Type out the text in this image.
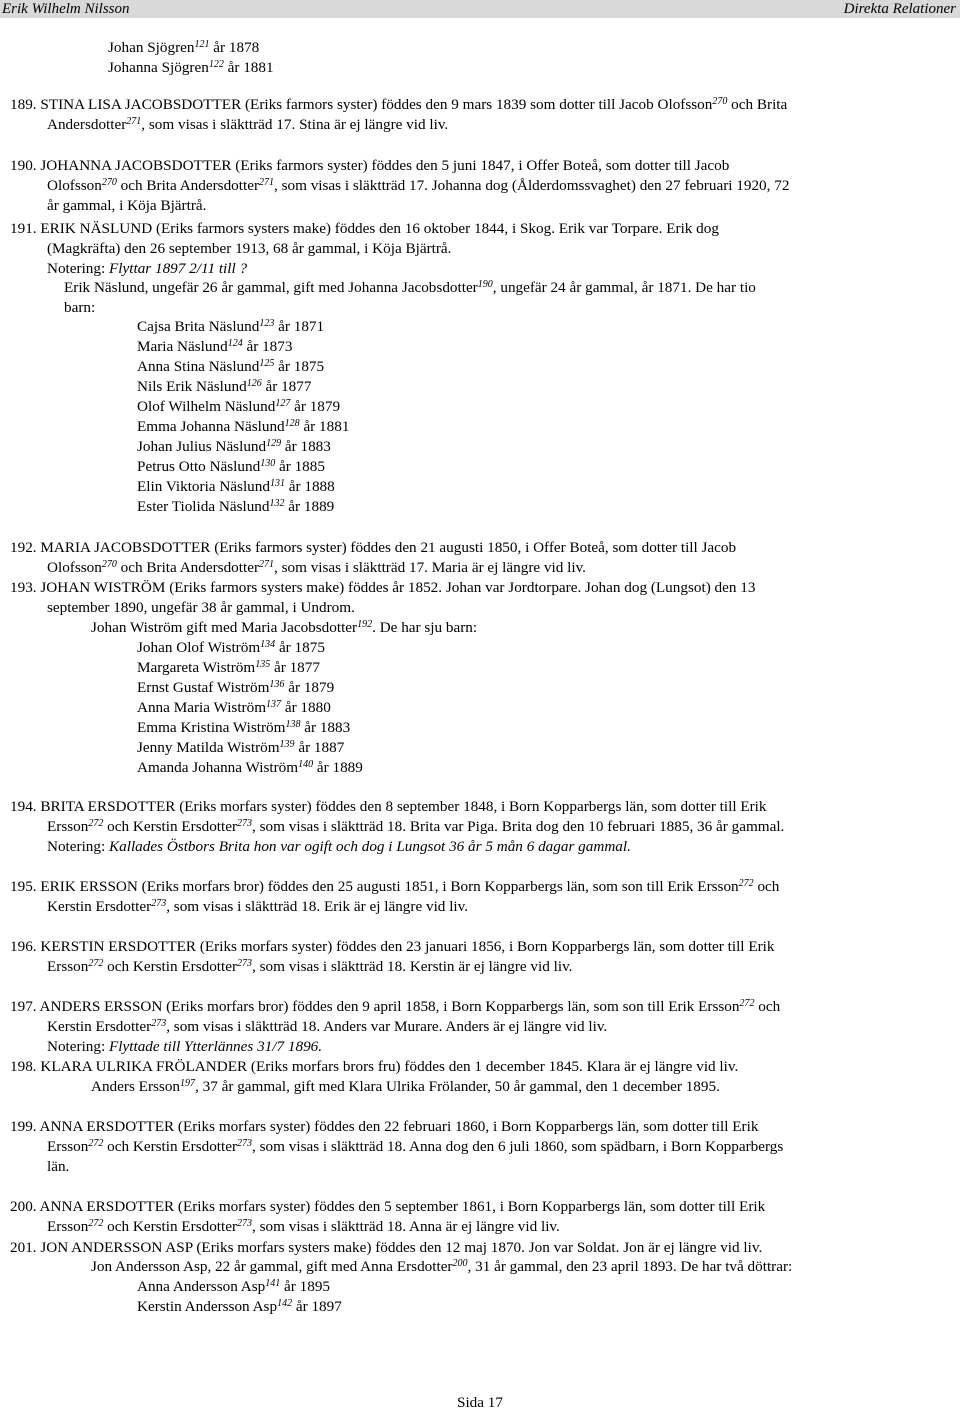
Erik Wilhelm Nilsson	Direkta Relationer
Johan Sjögren$^{121}$ år 1878
Johanna Sjögren$^{122}$ år 1881
189. STINA LISA JACOBSDOTTER (Eriks farmors syster) föddes den 9 mars 1839 som dotter till Jacob Olofsson$^{270}$ och Brita
Andersdotter$^{271}$, som visas i släktträd 17. Stina är ej längre vid liv.
190. JOHANNA JACOBSDOTTER (Eriks farmors syster) föddes den 5 juni 1847, i Offer Boteå, som dotter till Jacob
Olofsson$^{270}$ och Brita Andersdotter$^{271}$, som visas i släktträd 17. Johanna dog (Ålderdomssvaghet) den 27 februari 1920, 72
år gammal, i Köja Bjärtrå.
191. ERIK NÄSLUND (Eriks farmors systers make) föddes den 16 oktober 1844, i Skog. Erik var Torpare. Erik dog
(Magkräfta) den 26 september 1913, 68 år gammal, i Köja Bjärtrå.
Notering: Flyttar 1897 2/11 till ?
Erik Näslund, ungefär 26 år gammal, gift med Johanna Jacobsdotter$^{190}$, ungefär 24 år gammal, år 1871. De har tio
barn:
Cajsa Brita Näslund$^{123}$ år 1871
Maria Näslund$^{124}$ år 1873
Anna Stina Näslund$^{125}$ år 1875
Nils Erik Näslund$^{126}$ år 1877
Olof Wilhelm Näslund$^{127}$ år 1879
Emma Johanna Näslund$^{128}$ år 1881
Johan Julius Näslund$^{129}$ år 1883
Petrus Otto Näslund$^{130}$ år 1885
Elin Viktoria Näslund$^{131}$ år 1888
Ester Tiolida Näslund$^{132}$ år 1889
192. MARIA JACOBSDOTTER (Eriks farmors syster) föddes den 21 augusti 1850, i Offer Boteå, som dotter till Jacob
Olofsson$^{270}$ och Brita Andersdotter$^{271}$, som visas i släktträd 17. Maria är ej längre vid liv.
193. JOHAN WISTRÖM (Eriks farmors systers make) föddes år 1852. Johan var Jordtorpare. Johan dog (Lungsot) den 13
september 1890, ungefär 38 år gammal, i Undrom.
Johan Wiström gift med Maria Jacobsdotter$^{192}$. De har sju barn:
Johan Olof Wiström$^{134}$ år 1875
Margareta Wiström$^{135}$ år 1877
Ernst Gustaf Wiström$^{136}$ år 1879
Anna Maria Wiström$^{137}$ år 1880
Emma Kristina Wiström$^{138}$ år 1883
Jenny Matilda Wiström$^{139}$ år 1887
Amanda Johanna Wiström$^{140}$ år 1889
194. BRITA ERSDOTTER (Eriks morfars syster) föddes den 8 september 1848, i Born Kopparbergs län, som dotter till Erik
Ersson$^{272}$ och Kerstin Ersdotter$^{273}$, som visas i släktträd 18. Brita var Piga. Brita dog den 10 februari 1885, 36 år gammal.
Notering: Kallades Östbors Brita hon var ogift och dog i Lungsot 36 år 5 mån 6 dagar gammal.
195. ERIK ERSSON (Eriks morfars bror) föddes den 25 augusti 1851, i Born Kopparbergs län, som son till Erik Ersson$^{272}$ och
Kerstin Ersdotter$^{273}$, som visas i släktträd 18. Erik är ej längre vid liv.
196. KERSTIN ERSDOTTER (Eriks morfars syster) föddes den 23 januari 1856, i Born Kopparbergs län, som dotter till Erik
Ersson$^{272}$ och Kerstin Ersdotter$^{273}$, som visas i släktträd 18. Kerstin är ej längre vid liv.
197. ANDERS ERSSON (Eriks morfars bror) föddes den 9 april 1858, i Born Kopparbergs län, som son till Erik Ersson$^{272}$ och
Kerstin Ersdotter$^{273}$, som visas i släktträd 18. Anders var Murare. Anders är ej längre vid liv.
Notering: Flyttade till Ytterlännes 31/7 1896.
198. KLARA ULRIKA FRÖLANDER (Eriks morfars brors fru) föddes den 1 december 1845. Klara är ej längre vid liv.
Anders Ersson$^{197}$, 37 år gammal, gift med Klara Ulrika Frölander, 50 år gammal, den 1 december 1895.
199. ANNA ERSDOTTER (Eriks morfars syster) föddes den 22 februari 1860, i Born Kopparbergs län, som dotter till Erik
Ersson$^{272}$ och Kerstin Ersdotter$^{273}$, som visas i släktträd 18. Anna dog den 6 juli 1860, som spädbarn, i Born Kopparbergs
län.
200. ANNA ERSDOTTER (Eriks morfars syster) föddes den 5 september 1861, i Born Kopparbergs län, som dotter till Erik
Ersson$^{272}$ och Kerstin Ersdotter$^{273}$, som visas i släktträd 18. Anna är ej längre vid liv.
201. JON ANDERSSON ASP (Eriks morfars systers make) föddes den 12 maj 1870. Jon var Soldat. Jon är ej längre vid liv.
Jon Andersson Asp, 22 år gammal, gift med Anna Ersdotter$^{200}$, 31 år gammal, den 23 april 1893. De har två döttrar:
Anna Andersson Asp$^{141}$ år 1895
Kerstin Andersson Asp$^{142}$ år 1897
Sida 17
